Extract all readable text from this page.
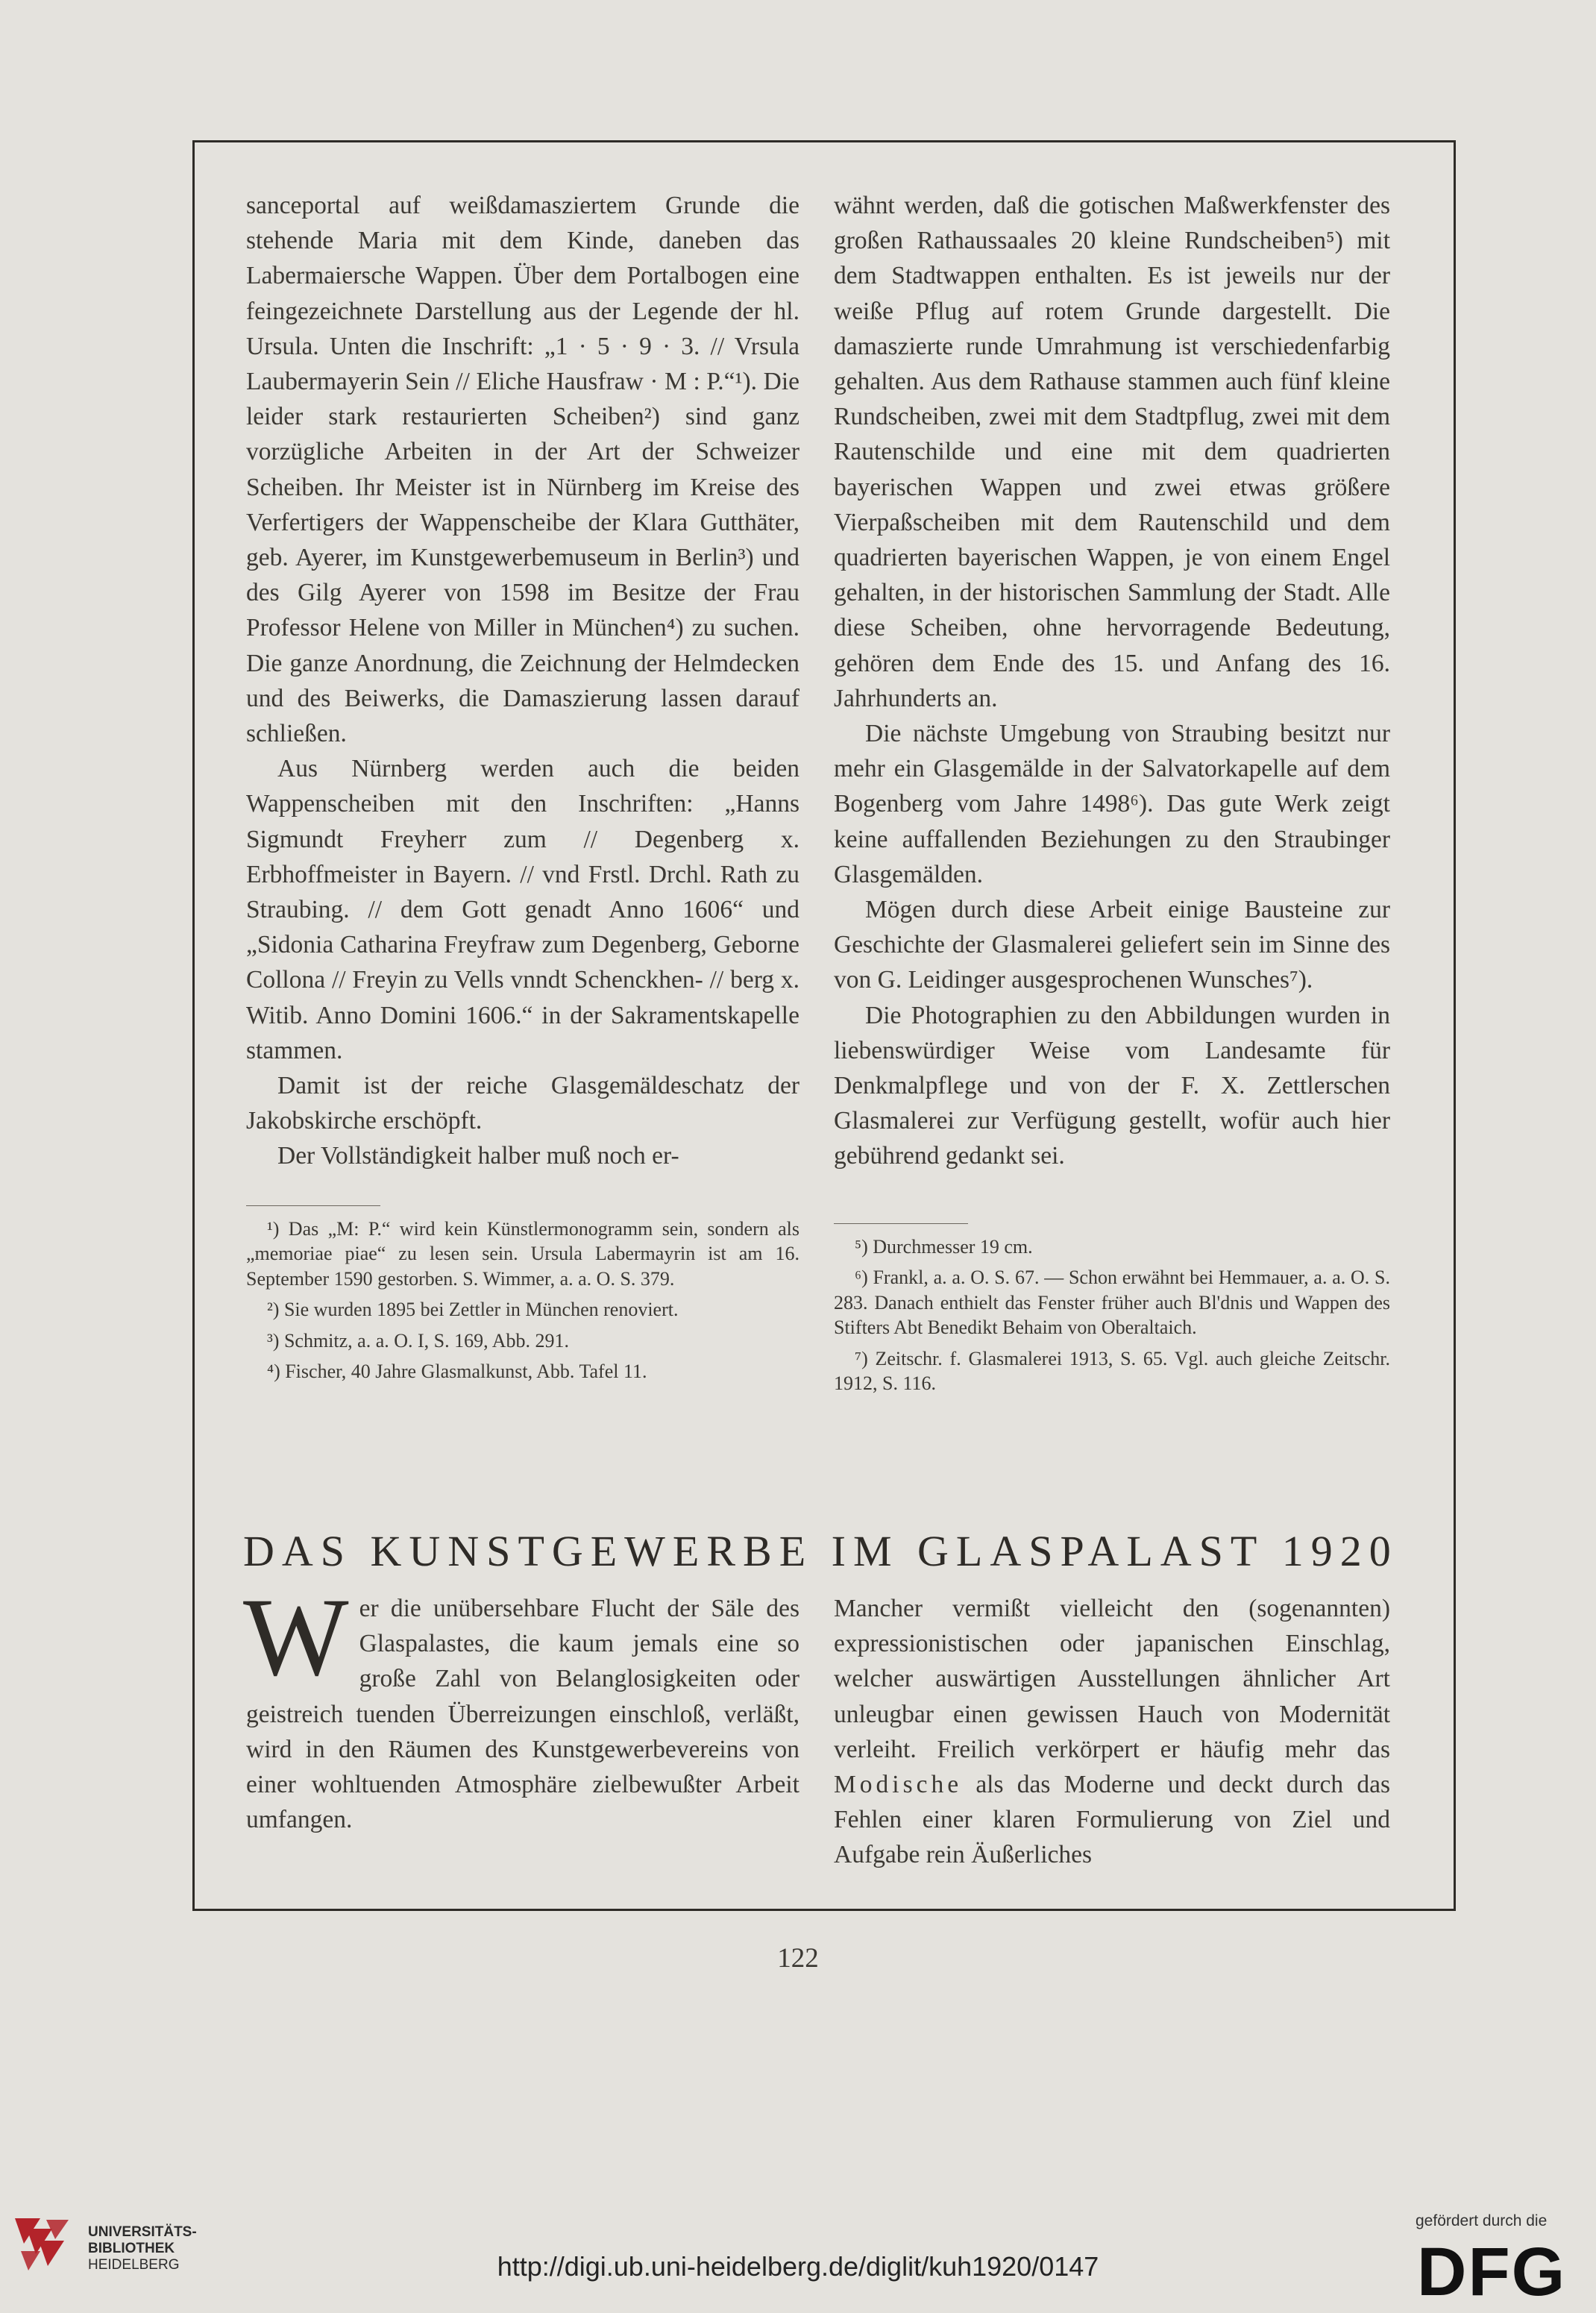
sanceportal auf weißdamasziertem Grunde die stehende Maria mit dem Kinde, daneben das Labermaiersche Wappen. Über dem Portalbogen eine feingezeichnete Darstellung aus der Legende der hl. Ursula. Unten die Inschrift: „1 · 5 · 9 · 3. // Vrsula Laubermayerin Sein // Eliche Hausfraw · M : P.“¹). Die leider stark restaurierten Scheiben²) sind ganz vorzügliche Arbeiten in der Art der Schweizer Scheiben. Ihr Meister ist in Nürnberg im Kreise des Verfertigers der Wappenscheibe der Klara Gutthäter, geb. Ayerer, im Kunstgewerbemuseum in Berlin³) und des Gilg Ayerer von 1598 im Besitze der Frau Professor Helene von Miller in München⁴) zu suchen. Die ganze Anordnung, die Zeichnung der Helmdecken und des Beiwerks, die Damaszierung lassen darauf schließen.

Aus Nürnberg werden auch die beiden Wappenscheiben mit den Inschriften: „Hanns Sigmundt Freyherr zum // Degenberg x. Erbhoffmeister in Bayern. // vnd Frstl. Drchl. Rath zu Straubing. // dem Gott genadt Anno 1606“ und „Sidonia Catharina Freyfraw zum Degenberg, Geborne Collona // Freyin zu Vells vnndt Schenckhen- // berg x. Witib. Anno Domini 1606.“ in der Sakramentskapelle stammen.

Damit ist der reiche Glasgemäldeschatz der Jakobskirche erschöpft.

Der Vollständigkeit halber muß noch er-

wähnt werden, daß die gotischen Maßwerkfenster des großen Rathaussaales 20 kleine Rundscheiben⁵) mit dem Stadtwappen enthalten. Es ist jeweils nur der weiße Pflug auf rotem Grunde dargestellt. Die damaszierte runde Umrahmung ist verschiedenfarbig gehalten. Aus dem Rathause stammen auch fünf kleine Rundscheiben, zwei mit dem Stadtpflug, zwei mit dem Rautenschilde und eine mit dem quadrierten bayerischen Wappen und zwei etwas größere Vierpaßscheiben mit dem Rautenschild und dem quadrierten bayerischen Wappen, je von einem Engel gehalten, in der historischen Sammlung der Stadt. Alle diese Scheiben, ohne hervorragende Bedeutung, gehören dem Ende des 15. und Anfang des 16. Jahrhunderts an.

Die nächste Umgebung von Straubing besitzt nur mehr ein Glasgemälde in der Salvatorkapelle auf dem Bogenberg vom Jahre 1498⁶). Das gute Werk zeigt keine auffallenden Beziehungen zu den Straubinger Glasgemälden.

Mögen durch diese Arbeit einige Bausteine zur Geschichte der Glasmalerei geliefert sein im Sinne des von G. Leidinger ausgesprochenen Wunsches⁷).

Die Photographien zu den Abbildungen wurden in liebenswürdiger Weise vom Landesamte für Denkmalpflege und von der F. X. Zettlerschen Glasmalerei zur Verfügung gestellt, wofür auch hier gebührend gedankt sei.

¹) Das „M: P.“ wird kein Künstlermonogramm sein, sondern als „memoriae piae“ zu lesen sein. Ursula Labermayrin ist am 16. September 1590 gestorben. S. Wimmer, a. a. O. S. 379.

²) Sie wurden 1895 bei Zettler in München renoviert.

³) Schmitz, a. a. O. I, S. 169, Abb. 291.

⁴) Fischer, 40 Jahre Glasmalkunst, Abb. Tafel 11.

⁵) Durchmesser 19 cm.

⁶) Frankl, a. a. O. S. 67. — Schon erwähnt bei Hemmauer, a. a. O. S. 283. Danach enthielt das Fenster früher auch Bl'dnis und Wappen des Stifters Abt Benedikt Behaim von Oberaltaich.

⁷) Zeitschr. f. Glasmalerei 1913, S. 65. Vgl. auch gleiche Zeitschr. 1912, S. 116.

DAS KUNSTGEWERBE IM GLASPALAST 1920

Wer die unübersehbare Flucht der Säle des Glaspalastes, die kaum jemals eine so große Zahl von Belanglosigkeiten oder geistreich tuenden Überreizungen einschloß, verläßt, wird in den Räumen des Kunstgewerbevereins von einer wohltuenden Atmosphäre zielbewußter Arbeit umfangen.

Mancher vermißt vielleicht den (sogenannten) expressionistischen oder japanischen Einschlag, welcher auswärtigen Ausstellungen ähnlicher Art unleugbar einen gewissen Hauch von Modernität verleiht. Freilich verkörpert er häufig mehr das Modische als das Moderne und deckt durch das Fehlen einer klaren Formulierung von Ziel und Aufgabe rein Äußerliches

122
UNIVERSITÄTS-
BIBLIOTHEK
HEIDELBERG	http://digi.ub.uni-heidelberg.de/diglit/kuh1920/0147
gefördert durch die
DFG
